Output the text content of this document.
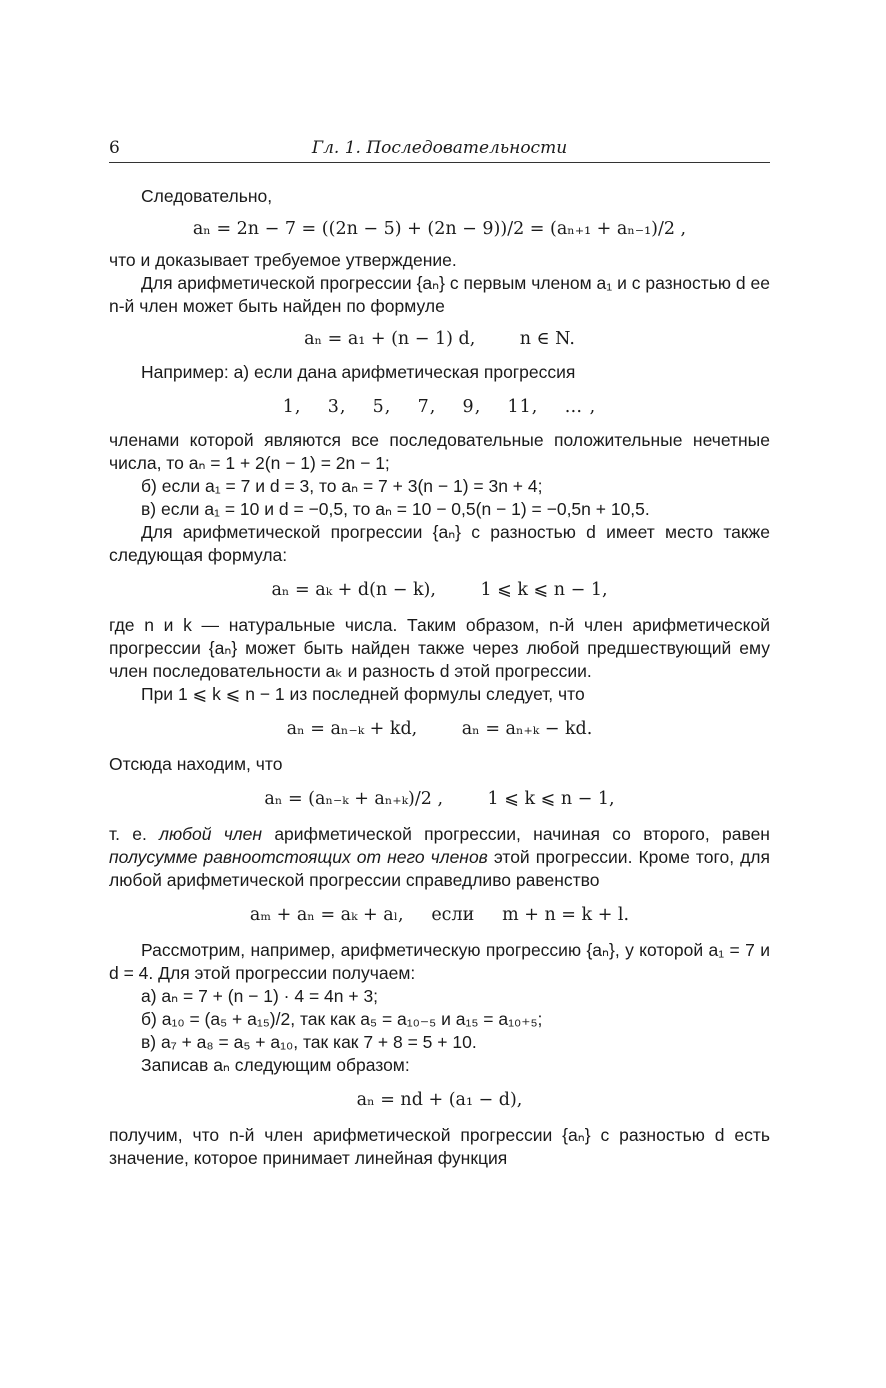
6	Гл. 1. Последовательности

Следовательно,

aₙ = 2n − 7 = ((2n − 5) + (2n − 9))/2 = (aₙ₊₁ + aₙ₋₁)/2 ,

что и доказывает требуемое утверждение.

Для арифметической прогрессии {aₙ} с первым членом a₁ и с разностью d ее n-й член может быть найден по формуле

aₙ = a₁ + (n − 1) d,        n ∈ N.

Например: а) если дана арифметическая прогрессия

1,    3,    5,    7,    9,    11,    … ,

членами которой являются все последовательные положительные нечетные числа, то aₙ = 1 + 2(n − 1) = 2n − 1;

б) если a₁ = 7 и d = 3, то aₙ = 7 + 3(n − 1) = 3n + 4;

в) если a₁ = 10 и d = −0,5, то aₙ = 10 − 0,5(n − 1) = −0,5n + 10,5.

Для арифметической прогрессии {aₙ} с разностью d имеет место также следующая формула:

aₙ = aₖ + d(n − k),        1 ⩽ k ⩽ n − 1,

где n и k — натуральные числа. Таким образом, n-й член арифметической прогрессии {aₙ} может быть найден также через любой предшествующий ему член последовательности aₖ и разность d этой прогрессии.

При 1 ⩽ k ⩽ n − 1 из последней формулы следует, что

aₙ = aₙ₋ₖ + kd,        aₙ = aₙ₊ₖ − kd.

Отсюда находим, что

aₙ = (aₙ₋ₖ + aₙ₊ₖ)/2 ,        1 ⩽ k ⩽ n − 1,

т. е. любой член арифметической прогрессии, начиная со второго, равен полусумме равноотстоящих от него членов этой прогрессии. Кроме того, для любой арифметической прогрессии справедливо равенство

aₘ + aₙ = aₖ + aₗ,     если     m + n = k + l.

Рассмотрим, например, арифметическую прогрессию {aₙ}, у которой a₁ = 7 и d = 4. Для этой прогрессии получаем:

а) aₙ = 7 + (n − 1) · 4 = 4n + 3;

б) a₁₀ = (a₅ + a₁₅)/2, так как a₅ = a₁₀₋₅ и a₁₅ = a₁₀₊₅;

в) a₇ + a₈ = a₅ + a₁₀, так как 7 + 8 = 5 + 10.

Записав aₙ следующим образом:

aₙ = nd + (a₁ − d),

получим, что n-й член арифметической прогрессии {aₙ} с разностью d есть значение, которое принимает линейная функция
